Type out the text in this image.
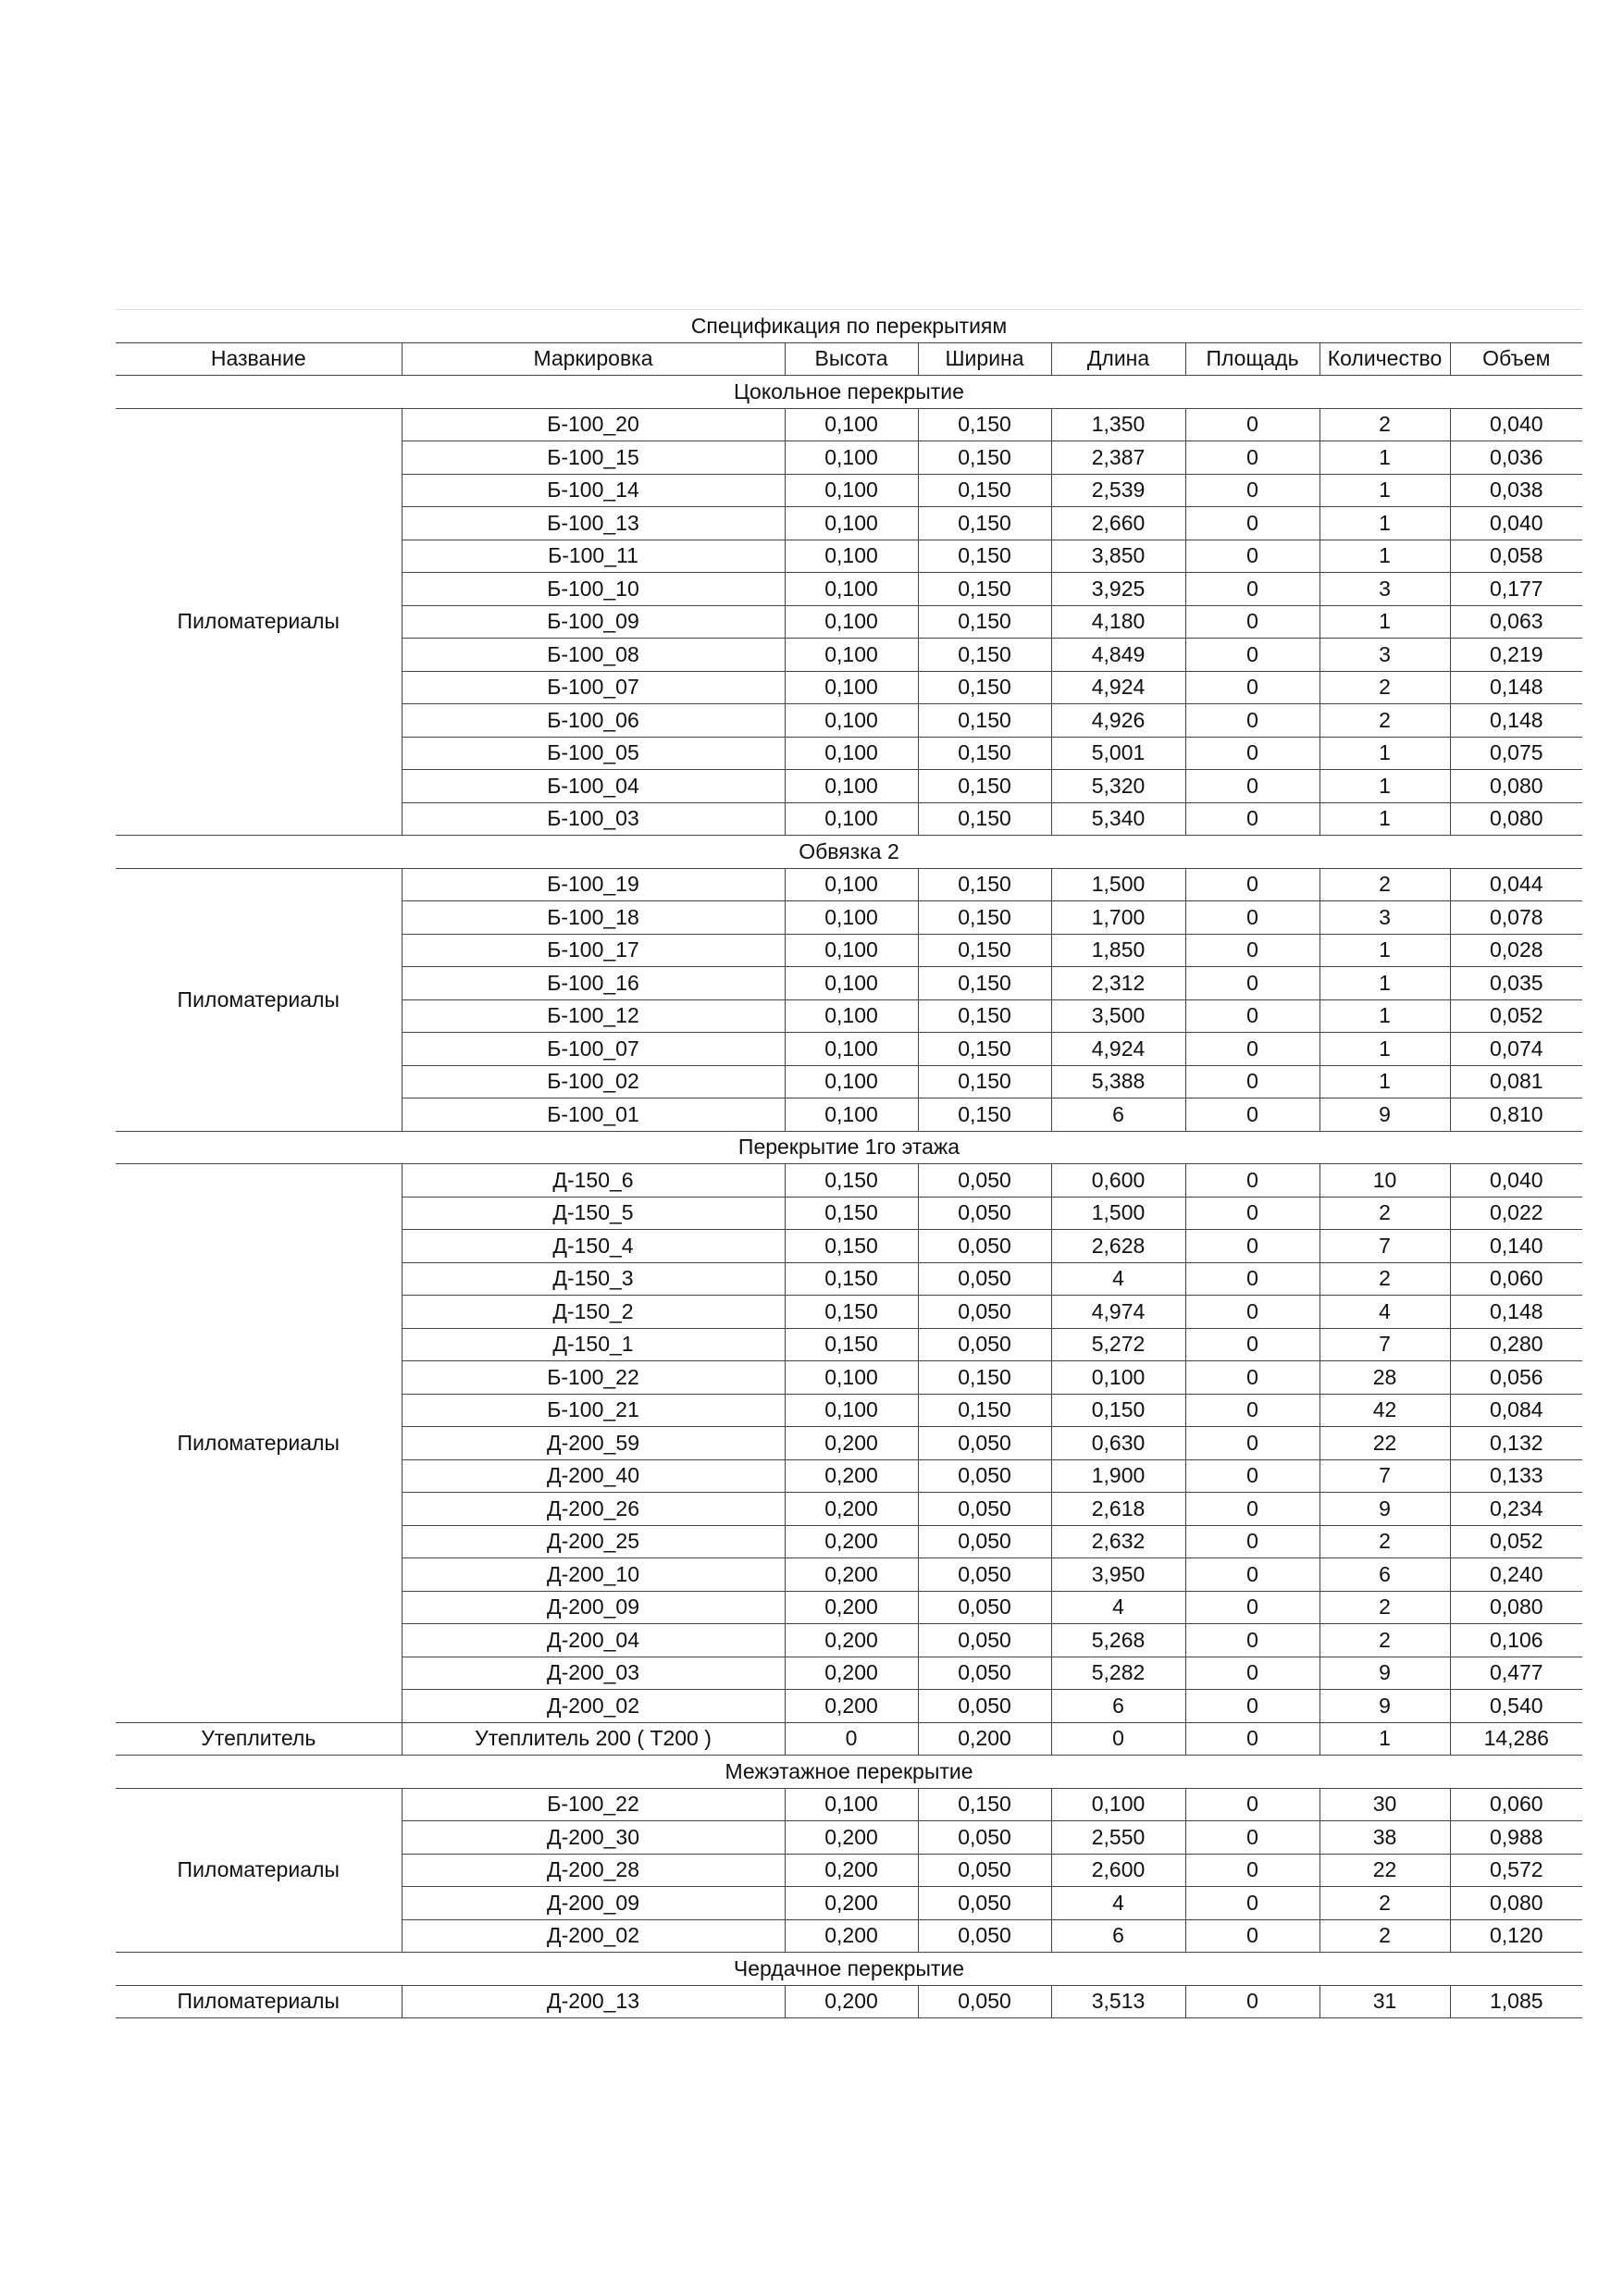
Спецификация по перекрытиям							
Название	Маркировка	Высота	Ширина	Длина	Площадь	Количество	Объем
Цокольное перекрытие							
Пиломатериалы	Б-100_20	0,100	0,150	1,350	0	2	0,040
	Б-100_15	0,100	0,150	2,387	0	1	0,036
	Б-100_14	0,100	0,150	2,539	0	1	0,038
	Б-100_13	0,100	0,150	2,660	0	1	0,040
	Б-100_11	0,100	0,150	3,850	0	1	0,058
	Б-100_10	0,100	0,150	3,925	0	3	0,177
	Б-100_09	0,100	0,150	4,180	0	1	0,063
	Б-100_08	0,100	0,150	4,849	0	3	0,219
	Б-100_07	0,100	0,150	4,924	0	2	0,148
	Б-100_06	0,100	0,150	4,926	0	2	0,148
	Б-100_05	0,100	0,150	5,001	0	1	0,075
	Б-100_04	0,100	0,150	5,320	0	1	0,080
	Б-100_03	0,100	0,150	5,340	0	1	0,080
Обвязка 2							
Пиломатериалы	Б-100_19	0,100	0,150	1,500	0	2	0,044
	Б-100_18	0,100	0,150	1,700	0	3	0,078
	Б-100_17	0,100	0,150	1,850	0	1	0,028
	Б-100_16	0,100	0,150	2,312	0	1	0,035
	Б-100_12	0,100	0,150	3,500	0	1	0,052
	Б-100_07	0,100	0,150	4,924	0	1	0,074
	Б-100_02	0,100	0,150	5,388	0	1	0,081
	Б-100_01	0,100	0,150	6	0	9	0,810
Перекрытие 1го этажа							
Пиломатериалы	Д-150_6	0,150	0,050	0,600	0	10	0,040
	Д-150_5	0,150	0,050	1,500	0	2	0,022
	Д-150_4	0,150	0,050	2,628	0	7	0,140
	Д-150_3	0,150	0,050	4	0	2	0,060
	Д-150_2	0,150	0,050	4,974	0	4	0,148
	Д-150_1	0,150	0,050	5,272	0	7	0,280
	Б-100_22	0,100	0,150	0,100	0	28	0,056
	Б-100_21	0,100	0,150	0,150	0	42	0,084
	Д-200_59	0,200	0,050	0,630	0	22	0,132
	Д-200_40	0,200	0,050	1,900	0	7	0,133
	Д-200_26	0,200	0,050	2,618	0	9	0,234
	Д-200_25	0,200	0,050	2,632	0	2	0,052
	Д-200_10	0,200	0,050	3,950	0	6	0,240
	Д-200_09	0,200	0,050	4	0	2	0,080
	Д-200_04	0,200	0,050	5,268	0	2	0,106
	Д-200_03	0,200	0,050	5,282	0	9	0,477
	Д-200_02	0,200	0,050	6	0	9	0,540
Утеплитель	Утеплитель 200 ( Т200 )	0	0,200	0	0	1	14,286
Межэтажное перекрытие							
Пиломатериалы	Б-100_22	0,100	0,150	0,100	0	30	0,060
	Д-200_30	0,200	0,050	2,550	0	38	0,988
	Д-200_28	0,200	0,050	2,600	0	22	0,572
	Д-200_09	0,200	0,050	4	0	2	0,080
	Д-200_02	0,200	0,050	6	0	2	0,120
Чердачное перекрытие							
Пиломатериалы	Д-200_13	0,200	0,050	3,513	0	31	1,085
